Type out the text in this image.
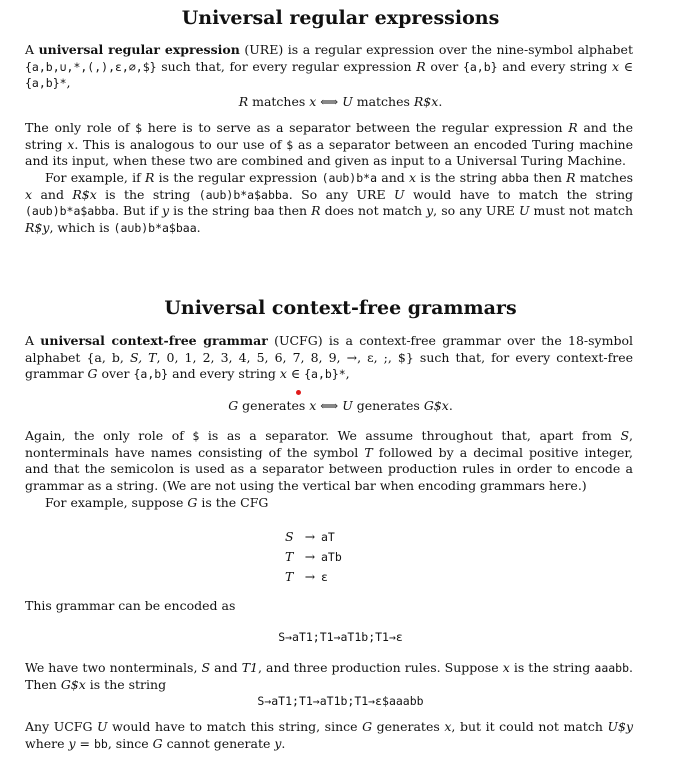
Universal regular expressions

A universal regular expression (URE) is a regular expression over the nine-symbol alphabet {a,b,∪,*,(,),ε,∅,$} such that, for every regular expression R over {a,b} and every string x ∈ {a,b}*,

R matches x ⟺ U matches R$x.

The only role of $ here is to serve as a separator between the regular expression R and the string x. This is analogous to our use of $ as a separator between an encoded Turing machine and its input, when these two are combined and given as input to a Universal Turing Machine.

For example, if R is the regular expression (a∪b)b*a and x is the string abba then R matches x and R$x is the string (a∪b)b*a$abba. So any URE U would have to match the string (a∪b)b*a$abba. But if y is the string baa then R does not match y, so any URE U must not match R$y, which is (a∪b)b*a$baa.

Universal context-free grammars

A universal context-free grammar (UCFG) is a context-free grammar over the 18-symbol alphabet {a, b, S, T, 0, 1, 2, 3, 4, 5, 6, 7, 8, 9, →, ε, ;, $} such that, for every context-free grammar G over {a,b} and every string x ∈ {a,b}*,

G generates x ⟺ U generates G$x.

Again, the only role of $ is as a separator. We assume throughout that, apart from S, nonterminals have names consisting of the symbol T followed by a decimal positive integer, and that the semicolon is used as a separator between production rules in order to encode a grammar as a string. (We are not using the vertical bar when encoding grammars here.)

For example, suppose G is the CFG

S → aT
T → aTb
T → ε

This grammar can be encoded as

S→aT1;T1→aT1b;T1→ε

We have two nonterminals, S and T1, and three production rules. Suppose x is the string aaabb. Then G$x is the string

S→aT1;T1→aT1b;T1→ε$aaabb

Any UCFG U would have to match this string, since G generates x, but it could not match U$y where y = bb, since G cannot generate y.
